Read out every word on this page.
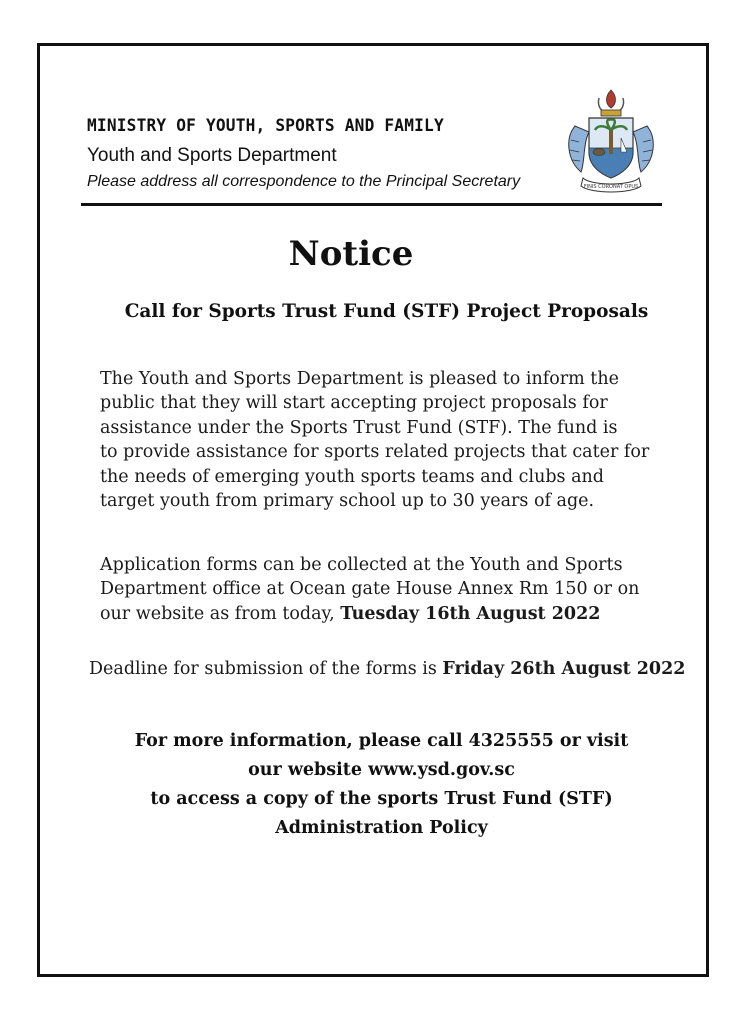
MINISTRY OF YOUTH, SPORTS AND FAMILY
Youth and Sports Department
Please address all correspondence to the Principal Secretary	FINIS CORONAT OPUS
Notice
Call for Sports Trust Fund (STF) Project Proposals
The Youth and Sports Department is pleased to inform the
public that they will start accepting project proposals for
assistance under the Sports Trust Fund (STF). The fund is
to provide assistance for sports related projects that cater for
the needs of emerging youth sports teams and clubs and
target youth from primary school up to 30 years of age.
Application forms can be collected at the Youth and Sports
Department office at Ocean gate House Annex Rm 150 or on
our website as from today, Tuesday 16th August 2022
Deadline for submission of the forms is Friday 26th August 2022
For more information, please call 4325555 or visit
our website www.ysd.gov.sc
to access a copy of the sports Trust Fund (STF)
Administration Policy
